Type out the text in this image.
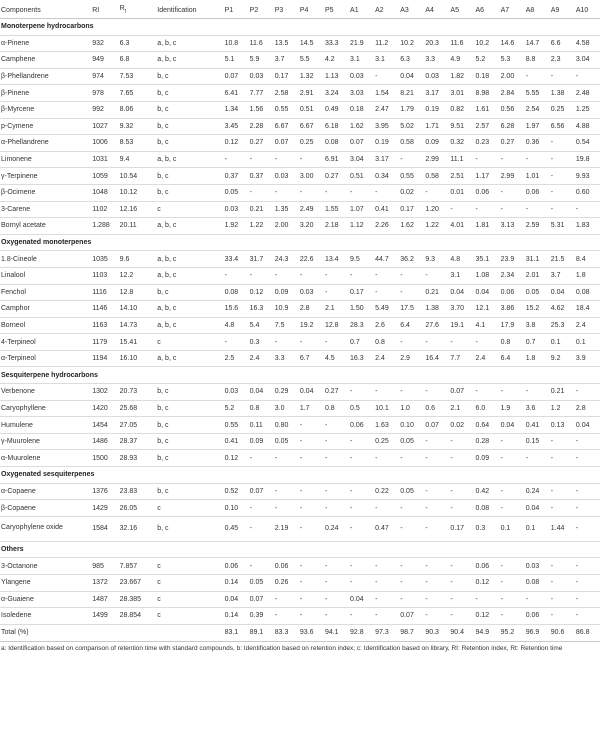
Components	RI	$R_t$	Identification	P1	P2	P3	P4	P5	A1	A2	A3	A4	A5	A6	A7	A8	A9	A10
Monoterpene hydrocarbons																		
α-Pinene	932	6.3	a, b, c	10.8	11.6	13.5	14.5	33.3	21.9	11.2	10.2	20.3	11.6	10.2	14.6	14.7	6.6	4.58
Camphene	949	6.8	a, b, c	5.1	5.9	3.7	5.5	4.2	3.1	3.1	6.3	3.3	4.9	5.2	5.3	8.8	2.3	3.04
β-Phellandrene	974	7.53	b, c	0.07	0.03	0.17	1.32	1.13	0.03	-	0.04	0.03	1.82	0.18	2.00	-	-	-
β-Pinene	978	7.65	b, c	6.41	7.77	2.58	2.91	3.24	3.03	1.54	8.21	3.17	3.01	8.98	2.84	5.55	1.38	2.48
β-Myrcene	992	8.06	b, c	1.34	1.56	0.55	0.51	0.49	0.18	2.47	1.79	0.19	0.82	1.61	0.56	2.54	0.25	1.25
p-Cymene	1027	9.32	b, c	3.45	2.28	6.67	6.67	6.18	1.62	3.95	5.02	1.71	9.51	2.57	6.28	1.97	6.56	4.88
α-Phellandrene	1006	8.53	b, c	0.12	0.27	0.07	0.25	0.08	0.07	0.19	0.58	0.09	0.32	0.23	0.27	0.36	-	0.54
Limonene	1031	9.4	a, b, c	-	-	-	-	6.91	3.04	3.17	-	2.99	11.1	-	-	-	-	19.8
γ-Terpinene	1059	10.54	b, c	0.37	0.37	0.03	3.00	0.27	0.51	0.34	0.55	0.58	2.51	1.17	2.99	1.01	-	9.93
β-Ocimene	1048	10.12	b, c	0.05	-	-	-	-	-	-	0.02	-	0.01	0.06	-	0.06	-	0.60
3-Carene	1102	12.16	c	0.03	0.21	1.35	2.49	1.55	1.07	0.41	0.17	1.20	-	-	-	-	-	-
Bornyl acetate	1.288	20.11	a, b, c	1.92	1.22	2.00	3.20	2.18	1.12	2.26	1.62	1.22	4.01	1.81	3.13	2.59	5.31	1.83
Oxygenated monoterpenes																		
1.8-Cineole	1035	9.6	a, b, c	33.4	31.7	24.3	22.6	13.4	9.5	44.7	36.2	9.3	4.8	35.1	23.9	31.1	21.5	8.4
Linalool	1103	12.2	a, b, c	-	-	-	-	-	-	-	-	-	3.1	1.08	2.34	2.01	3.7	1.8
Fenchol	1116	12.8	b, c	0.08	0.12	0.09	0.03	-	0.17	-	-	0.21	0.04	0.04	0.06	0.05	0.04	0.08
Camphor	1146	14.10	a, b, c	15.6	16.3	10.9	2.8	2.1	1.50	5.49	17.5	1.38	3.70	12.1	3.86	15.2	4.62	18.4
Borneol	1163	14.73	a, b, c	4.8	5.4	7.5	19.2	12.8	28.3	2.6	6.4	27.6	19.1	4.1	17.9	3.8	25.3	2.4
4-Terpineol	1179	15.41	c	-	0.3	-	-	-	0.7	0.8	-	-	-	-	0.8	0.7	0.1	0.1
α-Terpineol	1194	16.10	a, b, c	2.5	2.4	3.3	6.7	4.5	16.3	2.4	2.9	16.4	7.7	2.4	6.4	1.8	9.2	3.9
Sesquiterpene hydrocarbons																		
Verbenone	1302	20.73	b, c	0.03	0.04	0.29	0.04	0.27	-	-	-	-	0.07	-	-	-	0.21	-
Caryophyllene	1420	25.68	b, c	5.2	0.8	3.0	1.7	0.8	0.5	10.1	1.0	0.6	2.1	6.0	1.9	3.6	1.2	2.8
Humulene	1454	27.05	b, c	0.55	0.11	0.80	-	-	0.06	1.63	0.10	0.07	0.02	0.64	0.04	0.41	0.13	0.04
γ-Muurolene	1486	28.37	b, c	0.41	0.09	0.05	-	-	-	0.25	0.05	-	-	0.28	-	0.15	-	-
α-Muurolene	1500	28.93	b, c	0.12	-	-	-	-	-	-	-	-	-	0.09	-	-	-	-
Oxygenated sesquiterpenes																		
α-Copaene	1376	23.83	b, c	0.52	0.07	-	-	-	-	0.22	0.05	-	-	0.42	-	0.24	-	-
β-Copaene	1429	26.05	c	0.10	-	-	-	-	-	-	-	-	-	0.08	-	0.04	-	-
Caryophylene oxide	1584	32.16	b, c	0.45	-	2.19	-	0.24	-	0.47	-	-	0.17	0.3	0.1	0.1	1.44	-
Others																		
3-Octanone	985	7.857	c	0.06	-	0.06	-	-	-	-	-	-	-	0.06	-	0.03	-	-
Ylangene	1372	23.667	c	0.14	0.05	0.26	-	-	-	-	-	-	-	0.12	-	0.08	-	-
α-Guaiene	1487	28.385	c	0.04	0.07	-	-	-	0.04	-	-	-	-	-	-	-	-	-
Isoledene	1499	28.854	c	0.14	0.39	-	-	-	-	-	0.07	-	-	0.12	-	0.06	-	-
Total (%)				83.1	89.1	83.3	93.6	94.1	92.8	97.3	98.7	90.3	90.4	94.9	95.2	96.9	90.6	86.8
a: Identification based on comparison of retention time with standard compounds, b: Identification based on retention index; c: Identification based on library, RI: Retention index, Rt: Retention time
